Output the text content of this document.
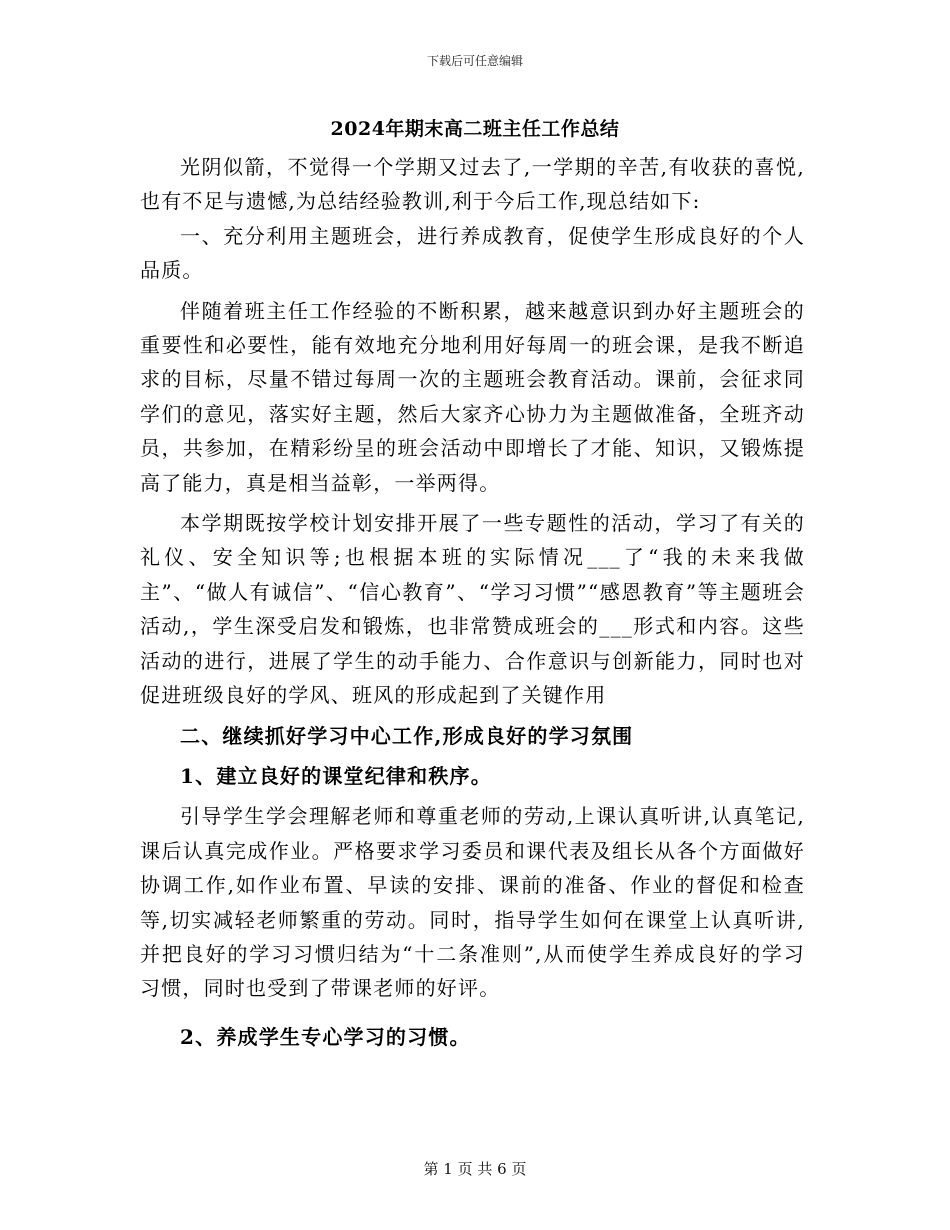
下载后可任意编辑
2024年期末高二班主任工作总结

光阴似箭，不觉得一个学期又过去了,一学期的辛苦,有收获的喜悦,也有不足与遗憾,为总结经验教训,利于今后工作,现总结如下:

一、充分利用主题班会，进行养成教育，促使学生形成良好的个人品质。

伴随着班主任工作经验的不断积累，越来越意识到办好主题班会的重要性和必要性，能有效地充分地利用好每周一的班会课，是我不断追求的目标，尽量不错过每周一次的主题班会教育活动。课前，会征求同学们的意见，落实好主题，然后大家齐心协力为主题做准备，全班齐动员，共参加，在精彩纷呈的班会活动中即增长了才能、知识，又锻炼提高了能力，真是相当益彰，一举两得。

本学期既按学校计划安排开展了一些专题性的活动，学习了有关的礼仪、安全知识等;也根据本班的实际情况___了“我的未来我做主”、“做人有诚信”、“信心教育”、“学习习惯”“感恩教育”等主题班会活动,，学生深受启发和锻炼，也非常赞成班会的___形式和内容。这些活动的进行，进展了学生的动手能力、合作意识与创新能力，同时也对促进班级良好的学风、班风的形成起到了关键作用

二、继续抓好学习中心工作,形成良好的学习氛围

1、建立良好的课堂纪律和秩序。

引导学生学会理解老师和尊重老师的劳动,上课认真听讲,认真笔记,课后认真完成作业。严格要求学习委员和课代表及组长从各个方面做好协调工作,如作业布置、早读的安排、课前的准备、作业的督促和检查等,切实减轻老师繁重的劳动。同时，指导学生如何在课堂上认真听讲,并把良好的学习习惯归结为“十二条准则”,从而使学生养成良好的学习习惯，同时也受到了带课老师的好评。

2、养成学生专心学习的习惯。

第 1 页 共 6 页
